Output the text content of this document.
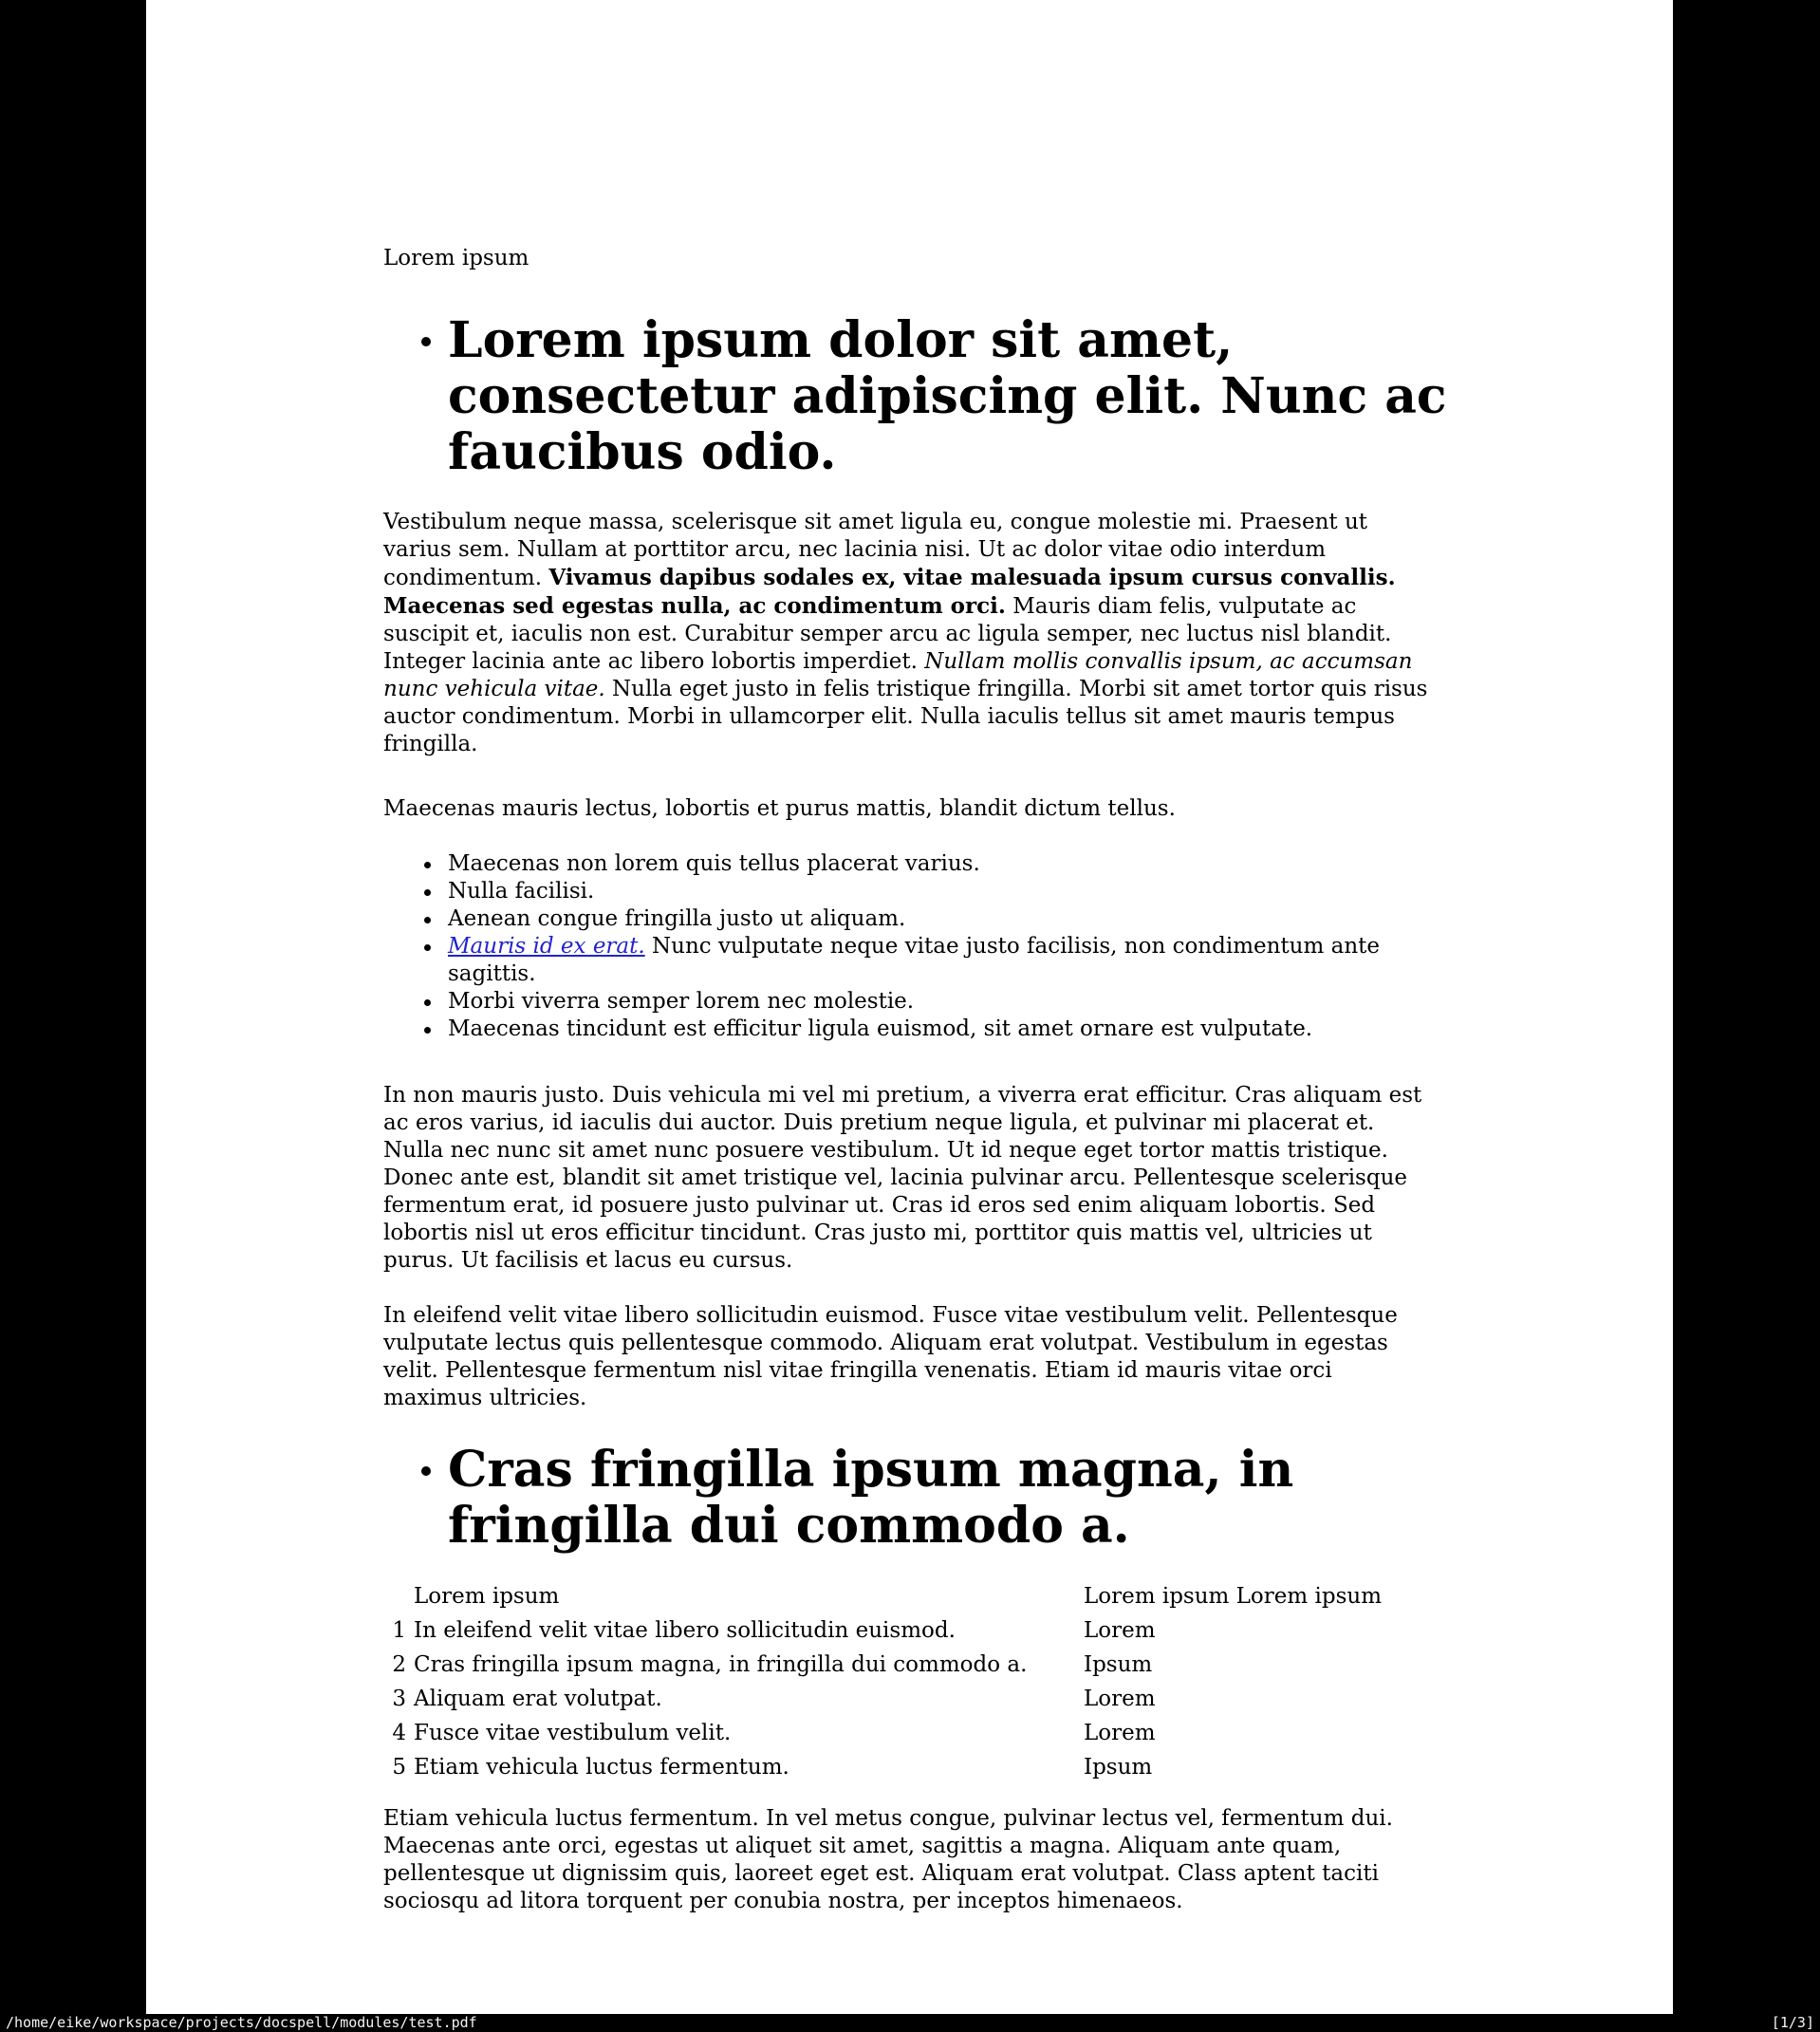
Lorem ipsum
Lorem ipsum dolor sit amet,
consectetur adipiscing elit. Nunc ac
faucibus odio.

Vestibulum neque massa, scelerisque sit amet ligula eu, congue molestie mi. Praesent ut varius sem. Nullam at porttitor arcu, nec lacinia nisi. Ut ac dolor vitae odio interdum condimentum. Vivamus dapibus sodales ex, vitae malesuada ipsum cursus convallis. Maecenas sed egestas nulla, ac condimentum orci. Mauris diam felis, vulputate ac suscipit et, iaculis non est. Curabitur semper arcu ac ligula semper, nec luctus nisl blandit. Integer lacinia ante ac libero lobortis imperdiet. Nullam mollis convallis ipsum, ac accumsan nunc vehicula vitae. Nulla eget justo in felis tristique fringilla. Morbi sit amet tortor quis risus auctor condimentum. Morbi in ullamcorper elit. Nulla iaculis tellus sit amet mauris tempus fringilla.

Maecenas mauris lectus, lobortis et purus mattis, blandit dictum tellus.

Maecenas non lorem quis tellus placerat varius.
Nulla facilisi.
Aenean congue fringilla justo ut aliquam.
Mauris id ex erat. Nunc vulputate neque vitae justo facilisis, non condimentum ante sagittis.
Morbi viverra semper lorem nec molestie.
Maecenas tincidunt est efficitur ligula euismod, sit amet ornare est vulputate.

In non mauris justo. Duis vehicula mi vel mi pretium, a viverra erat efficitur. Cras aliquam est ac eros varius, id iaculis dui auctor. Duis pretium neque ligula, et pulvinar mi placerat et. Nulla nec nunc sit amet nunc posuere vestibulum. Ut id neque eget tortor mattis tristique. Donec ante est, blandit sit amet tristique vel, lacinia pulvinar arcu. Pellentesque scelerisque fermentum erat, id posuere justo pulvinar ut. Cras id eros sed enim aliquam lobortis. Sed lobortis nisl ut eros efficitur tincidunt. Cras justo mi, porttitor quis mattis vel, ultricies ut purus. Ut facilisis et lacus eu cursus.

In eleifend velit vitae libero sollicitudin euismod. Fusce vitae vestibulum velit. Pellentesque vulputate lectus quis pellentesque commodo. Aliquam erat volutpat. Vestibulum in egestas velit. Pellentesque fermentum nisl vitae fringilla venenatis. Etiam id mauris vitae orci maximus ultricies.

Cras fringilla ipsum magna, in
fringilla dui commodo a.
Lorem ipsum	Lorem ipsum Lorem ipsum
1 In eleifend velit vitae libero sollicitudin euismod.	Lorem
2 Cras fringilla ipsum magna, in fringilla dui commodo a.	Ipsum
3 Aliquam erat volutpat.	Lorem
4 Fusce vitae vestibulum velit.	Lorem
5 Etiam vehicula luctus fermentum.	Ipsum

Etiam vehicula luctus fermentum. In vel metus congue, pulvinar lectus vel, fermentum dui. Maecenas ante orci, egestas ut aliquet sit amet, sagittis a magna. Aliquam ante quam, pellentesque ut dignissim quis, laoreet eget est. Aliquam erat volutpat. Class aptent taciti sociosqu ad litora torquent per conubia nostra, per inceptos himenaeos.

/home/eike/workspace/projects/docspell/modules/test.pdf	[1/3]
